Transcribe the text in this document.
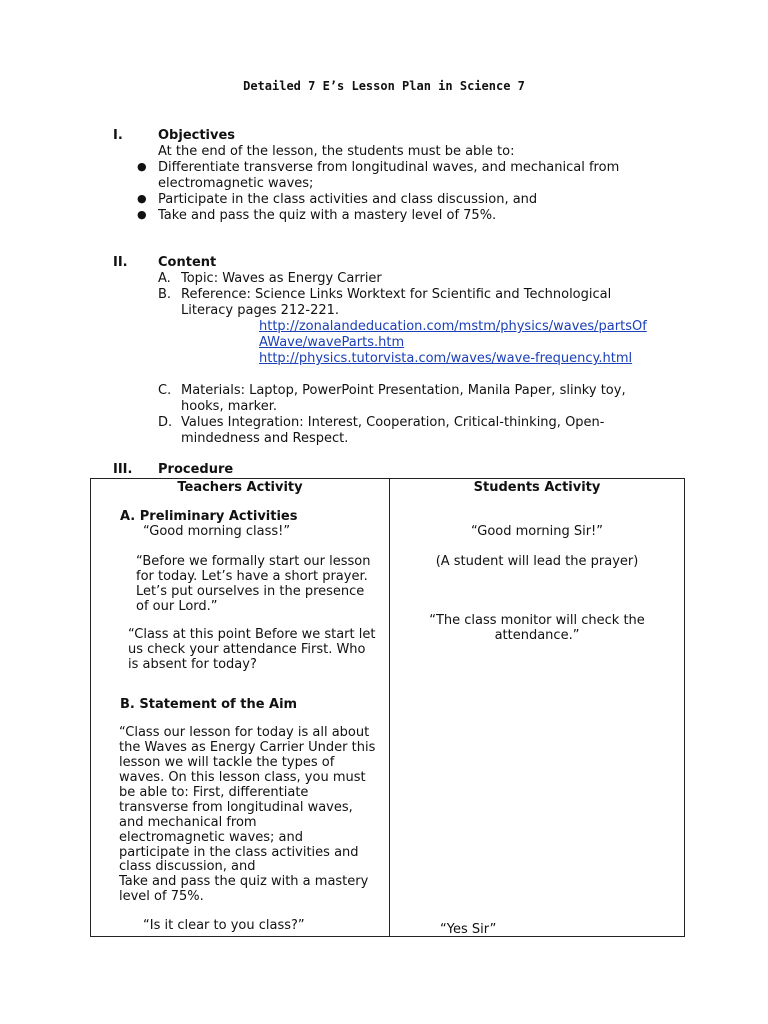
Detailed 7 E’s Lesson Plan in Science 7
I.	Objectives
At the end of the lesson, the students must be able to:
● Differentiate transverse from longitudinal waves, and mechanical from
electromagnetic waves;
● Participate in the class activities and class discussion, and
● Take and pass the quiz with a mastery level of 75%.
II. Content
A. Topic: Waves as Energy Carrier
B. Reference: Science Links Worktext for Scientific and Technological
Literacy pages 212-221.
http://zonalandeducation.com/mstm/physics/waves/partsOf
AWave/waveParts.htm
http://physics.tutorvista.com/waves/wave-frequency.html
C. Materials: Laptop, PowerPoint Presentation, Manila Paper, slinky toy,
hooks, marker.
D. Values Integration: Interest, Cooperation, Critical-thinking, Open-
mindedness and Respect.
III. Procedure
Teachers Activity	Students Activity
A. Preliminary Activities
“Good morning class!”
“Before we formally start our lesson
for today. Let’s have a short prayer.
Let’s put ourselves in the presence
of our Lord.”
“Class at this point Before we start let
us check your attendance First. Who
is absent for today?
B. Statement of the Aim
“Class our lesson for today is all about
the Waves as Energy Carrier Under this
lesson we will tackle the types of
waves. On this lesson class, you must
be able to: First, differentiate
transverse from longitudinal waves,
and mechanical from
electromagnetic waves; and
participate in the class activities and
class discussion, and
Take and pass the quiz with a mastery
level of 75%.
“Is it clear to you class?”
“Good morning Sir!”
(A student will lead the prayer)
“The class monitor will check the
attendance.”
“Yes Sir”
